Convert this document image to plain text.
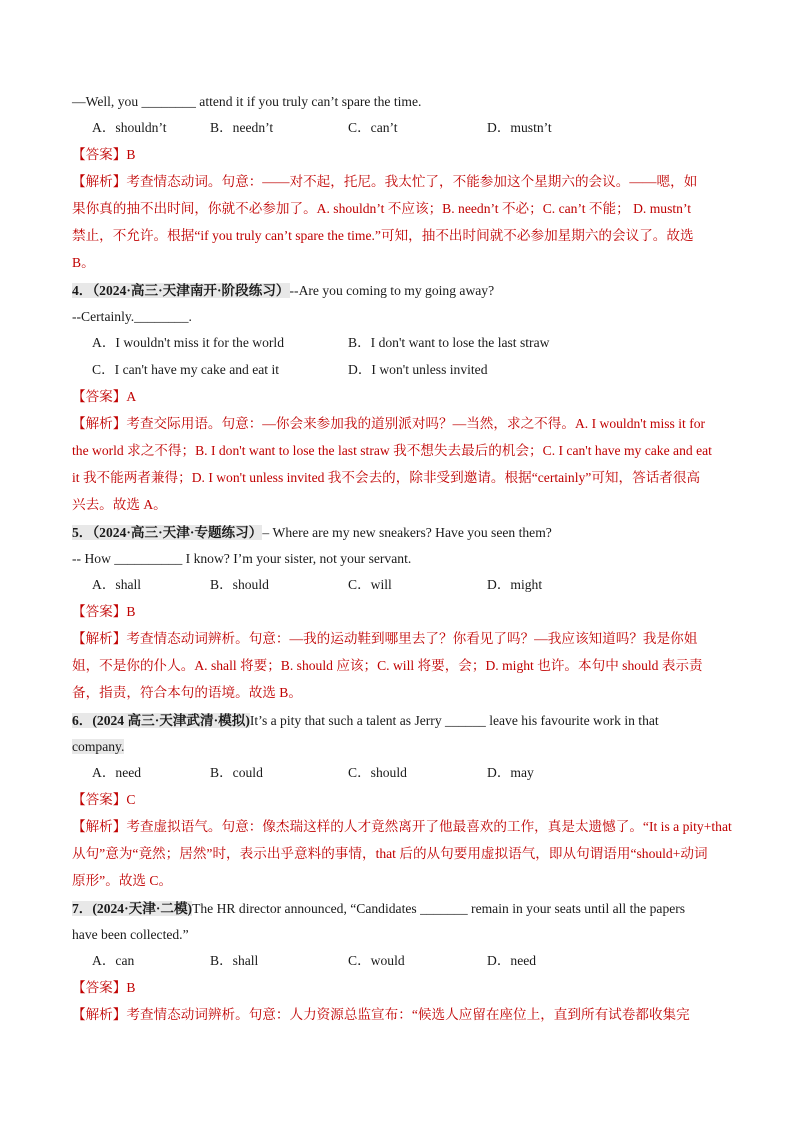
—Well, you ________ attend it if you truly can’t spare the time.
A．shouldn’t	B．needn’t	C．can’t	D．mustn’t
【答案】B
【解析】考查情态动词。句意：——对不起，托尼。我太忙了，不能参加这个星期六的会议。——嗯，如
果你真的抽不出时间，你就不必参加了。A. shouldn’t 不应该；B. needn’t 不必；C. can’t 不能； D. mustn’t
禁止，不允许。根据“if you truly can’t spare the time.”可知，抽不出时间就不必参加星期六的会议了。故选
B。
4．（2024·高三·天津南开·阶段练习）--Are you coming to my going away?
--Certainly.________.
A．I wouldn't miss it for the world	B．I don't want to lose the last straw
C．I can't have my cake and eat it	D．I won't unless invited
【答案】A
【解析】考查交际用语。句意：—你会来参加我的道别派对吗？—当然，求之不得。A. I wouldn't miss it for
the world 求之不得；B. I don't want to lose the last straw 我不想失去最后的机会；C. I can't have my cake and eat
it 我不能两者兼得；D. I won't unless invited 我不会去的，除非受到邀请。根据“certainly”可知，答话者很高
兴去。故选 A。
5．（2024·高三·天津·专题练习）– Where are my new sneakers? Have you seen them?
-- How __________ I know? I’m your sister, not your servant.
A．shall	B．should	C．will	D．might
【答案】B
【解析】考查情态动词辨析。句意：—我的运动鞋到哪里去了？你看见了吗？—我应该知道吗？我是你姐
姐，不是你的仆人。A. shall 将要；B. should 应该；C. will 将要，会；D. might 也许。本句中 should 表示责
备，指责，符合本句的语境。故选 B。
6．(2024 高三·天津武清·模拟)It’s a pity that such a talent as Jerry ______ leave his favourite work in that
company.
A．need	B．could	C．should	D．may
【答案】C
【解析】考查虚拟语气。句意：像杰瑞这样的人才竟然离开了他最喜欢的工作，真是太遗憾了。“It is a pity+that
从句”意为“竟然；居然”时，表示出乎意料的事情，that 后的从句要用虚拟语气，即从句谓语用“should+动词
原形”。故选 C。
7．(2024·天津·二模)The HR director announced, “Candidates _______ remain in your seats until all the papers
have been collected.”
A．can	B．shall	C．would	D．need
【答案】B
【解析】考查情态动词辨析。句意：人力资源总监宣布：“候选人应留在座位上，直到所有试卷都收集完
